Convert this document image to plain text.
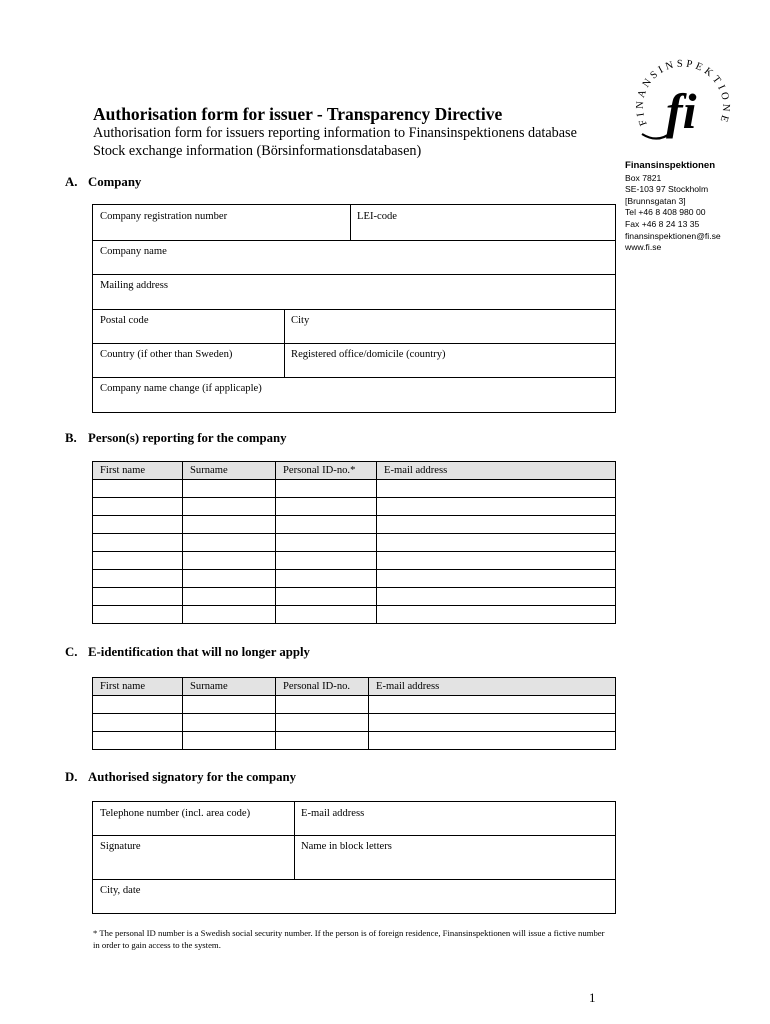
FINANSINSPEKTIONE
fi
Authorisation form for issuer - Transparency Directive
Authorisation form for issuers reporting information to Finansinspektionens database
Stock exchange information (Börsinformationsdatabasen)
Finansinspektionen
Box 7821
SE-103 97 Stockholm
[Brunnsgatan 3]
Tel +46 8 408 980 00
Fax +46 8 24 13 35
finansinspektionen@fi.se
www.fi.se
A. Company
Company registration number	LEI-code
Company name
Mailing address
Postal code	City
Country (if other than Sweden)	Registered office/domicile (country)
Company name change (if applicaple)
B. Person(s) reporting for the company
First name	Surname	Personal ID-no.*	E-mail address

C. E-identification that will no longer apply
First name	Surname	Personal ID-no.	E-mail address

D. Authorised signatory for the company
Telephone number (incl. area code)	E-mail address
Signature	Name in block letters
City, date
* The personal ID number is a Swedish social security number. If the person is of foreign residence, Finansinspektionen will issue a fictive number in order to gain access to the system.
1
